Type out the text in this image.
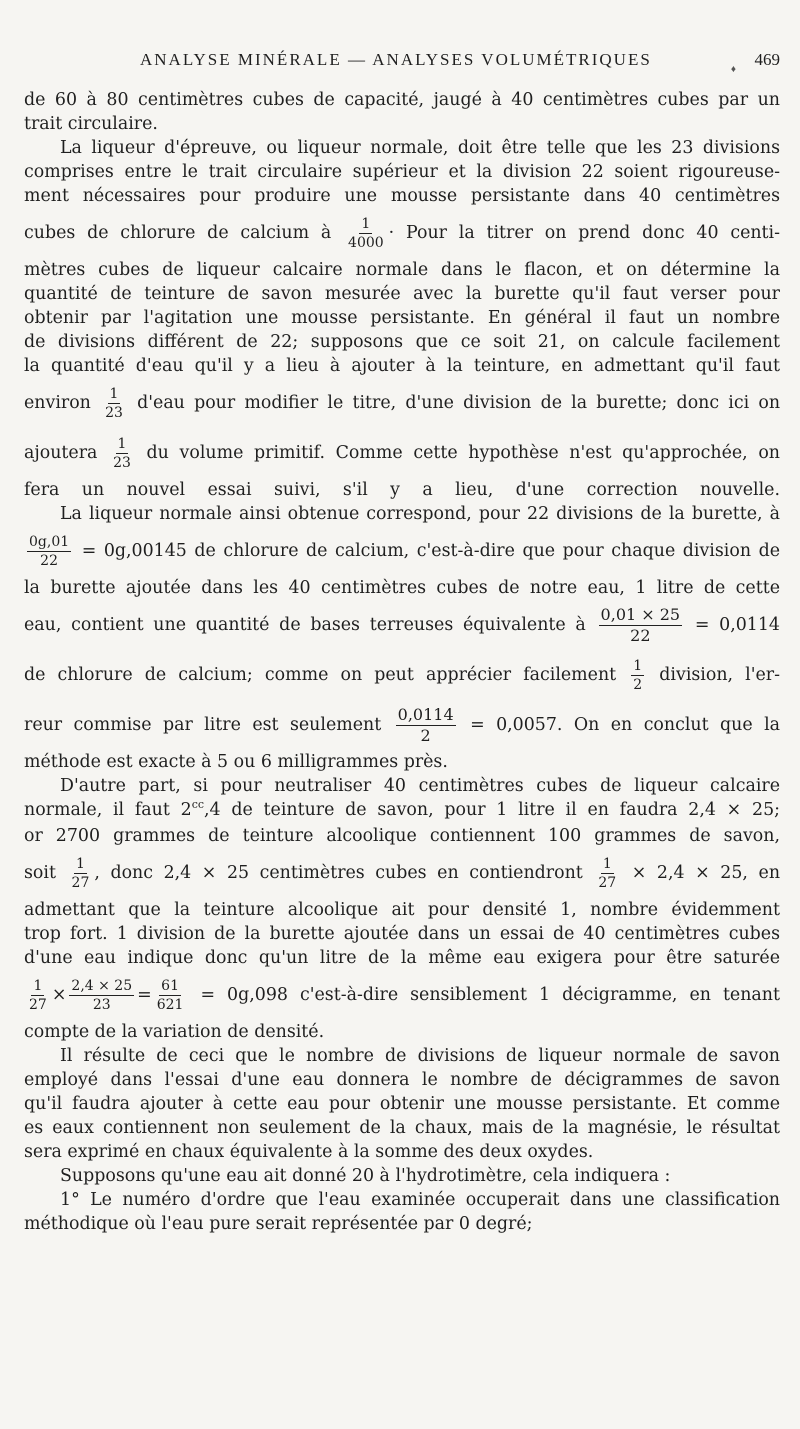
ANALYSE MINÉRALE — ANALYSES VOLUMÉTRIQUES
♦
469
de 60 à 80 centimètres cubes de capacité, jaugé à 40 centimètres cubes par un
trait circulaire.
La liqueur d'épreuve, ou liqueur normale, doit être telle que les 23 divisions
comprises entre le trait circulaire supérieur et la division 22 soient rigoureuse-
ment nécessaires pour produire une mousse persistante dans 40 centimètres
cubes de chlorure de calcium à $\frac{1}{4000}$ · Pour la titrer on prend donc 40 centi-
mètres cubes de liqueur calcaire normale dans le flacon, et on détermine la
quantité de teinture de savon mesurée avec la burette qu'il faut verser pour
obtenir par l'agitation une mousse persistante. En général il faut un nombre
de divisions différent de 22; supposons que ce soit 21, on calcule facilement
la quantité d'eau qu'il y a lieu à ajouter à la teinture, en admettant qu'il faut
environ $\frac{1}{23} d'eau$ pour modifier le titre, d'une division de la burette; donc ici on
ajoutera $\frac{1}{23}$ du volume primitif. Comme cette hypothèse n'est qu'approchée, on
fera un nouvel essai suivi, s'il y a lieu, d'une correction nouvelle.
La liqueur normale ainsi obtenue correspond, pour 22 divisions de la burette, à
$\frac{0g,01}{22} = 0g,00145$ de chlorure de calcium, c'est-à-dire que pour chaque division de
la burette ajoutée dans les 40 centimètres cubes de notre eau, 1 litre de cette
eau, contient une quantité de bases terreuses équivalente à $\frac{0,01 \times 25}{22} = 0,0114$
de chlorure de calcium; comme on peut apprécier facilement $\frac{1}{2}$ division, l'er-
reur commise par litre est seulement $\frac{0,0114}{2} = 0,0057$. On en conclut que la
méthode est exacte à 5 ou 6 milligrammes près.
D'autre part, si pour neutraliser 40 centimètres cubes de liqueur calcaire
normale, il faut $2^{cc},4$ de teinture de savon, pour 1 litre il en faudra 2,4 × 25;
or 2700 grammes de teinture alcoolique contiennent 100 grammes de savon,
soit $\frac{1}{27}$ , donc 2,4 × 25 centimètres cubes en contiendront $\frac{1}{27} \times 2,4 \times 25$, en
admettant que la teinture alcoolique ait pour densité 1, nombre évidemment
trop fort. 1 division de la burette ajoutée dans un essai de 40 centimètres cubes
d'une eau indique donc qu'un litre de la même eau exigera pour être saturée
$\frac{1}{27} \times \frac{2,4 \times 25}{23} = \frac{61}{621} = 0g,098$ c'est-à-dire sensiblement 1 décigramme, en tenant
compte de la variation de densité.
Il résulte de ceci que le nombre de divisions de liqueur normale de savon
employé dans l'essai d'une eau donnera le nombre de décigrammes de savon
qu'il faudra ajouter à cette eau pour obtenir une mousse persistante. Et comme
es eaux contiennent non seulement de la chaux, mais de la magnésie, le résultat
sera exprimé en chaux équivalente à la somme des deux oxydes.
Supposons qu'une eau ait donné 20 à l'hydrotimètre, cela indiquera :
1° Le numéro d'ordre que l'eau examinée occuperait dans une classification
méthodique où l'eau pure serait représentée par 0 degré;
